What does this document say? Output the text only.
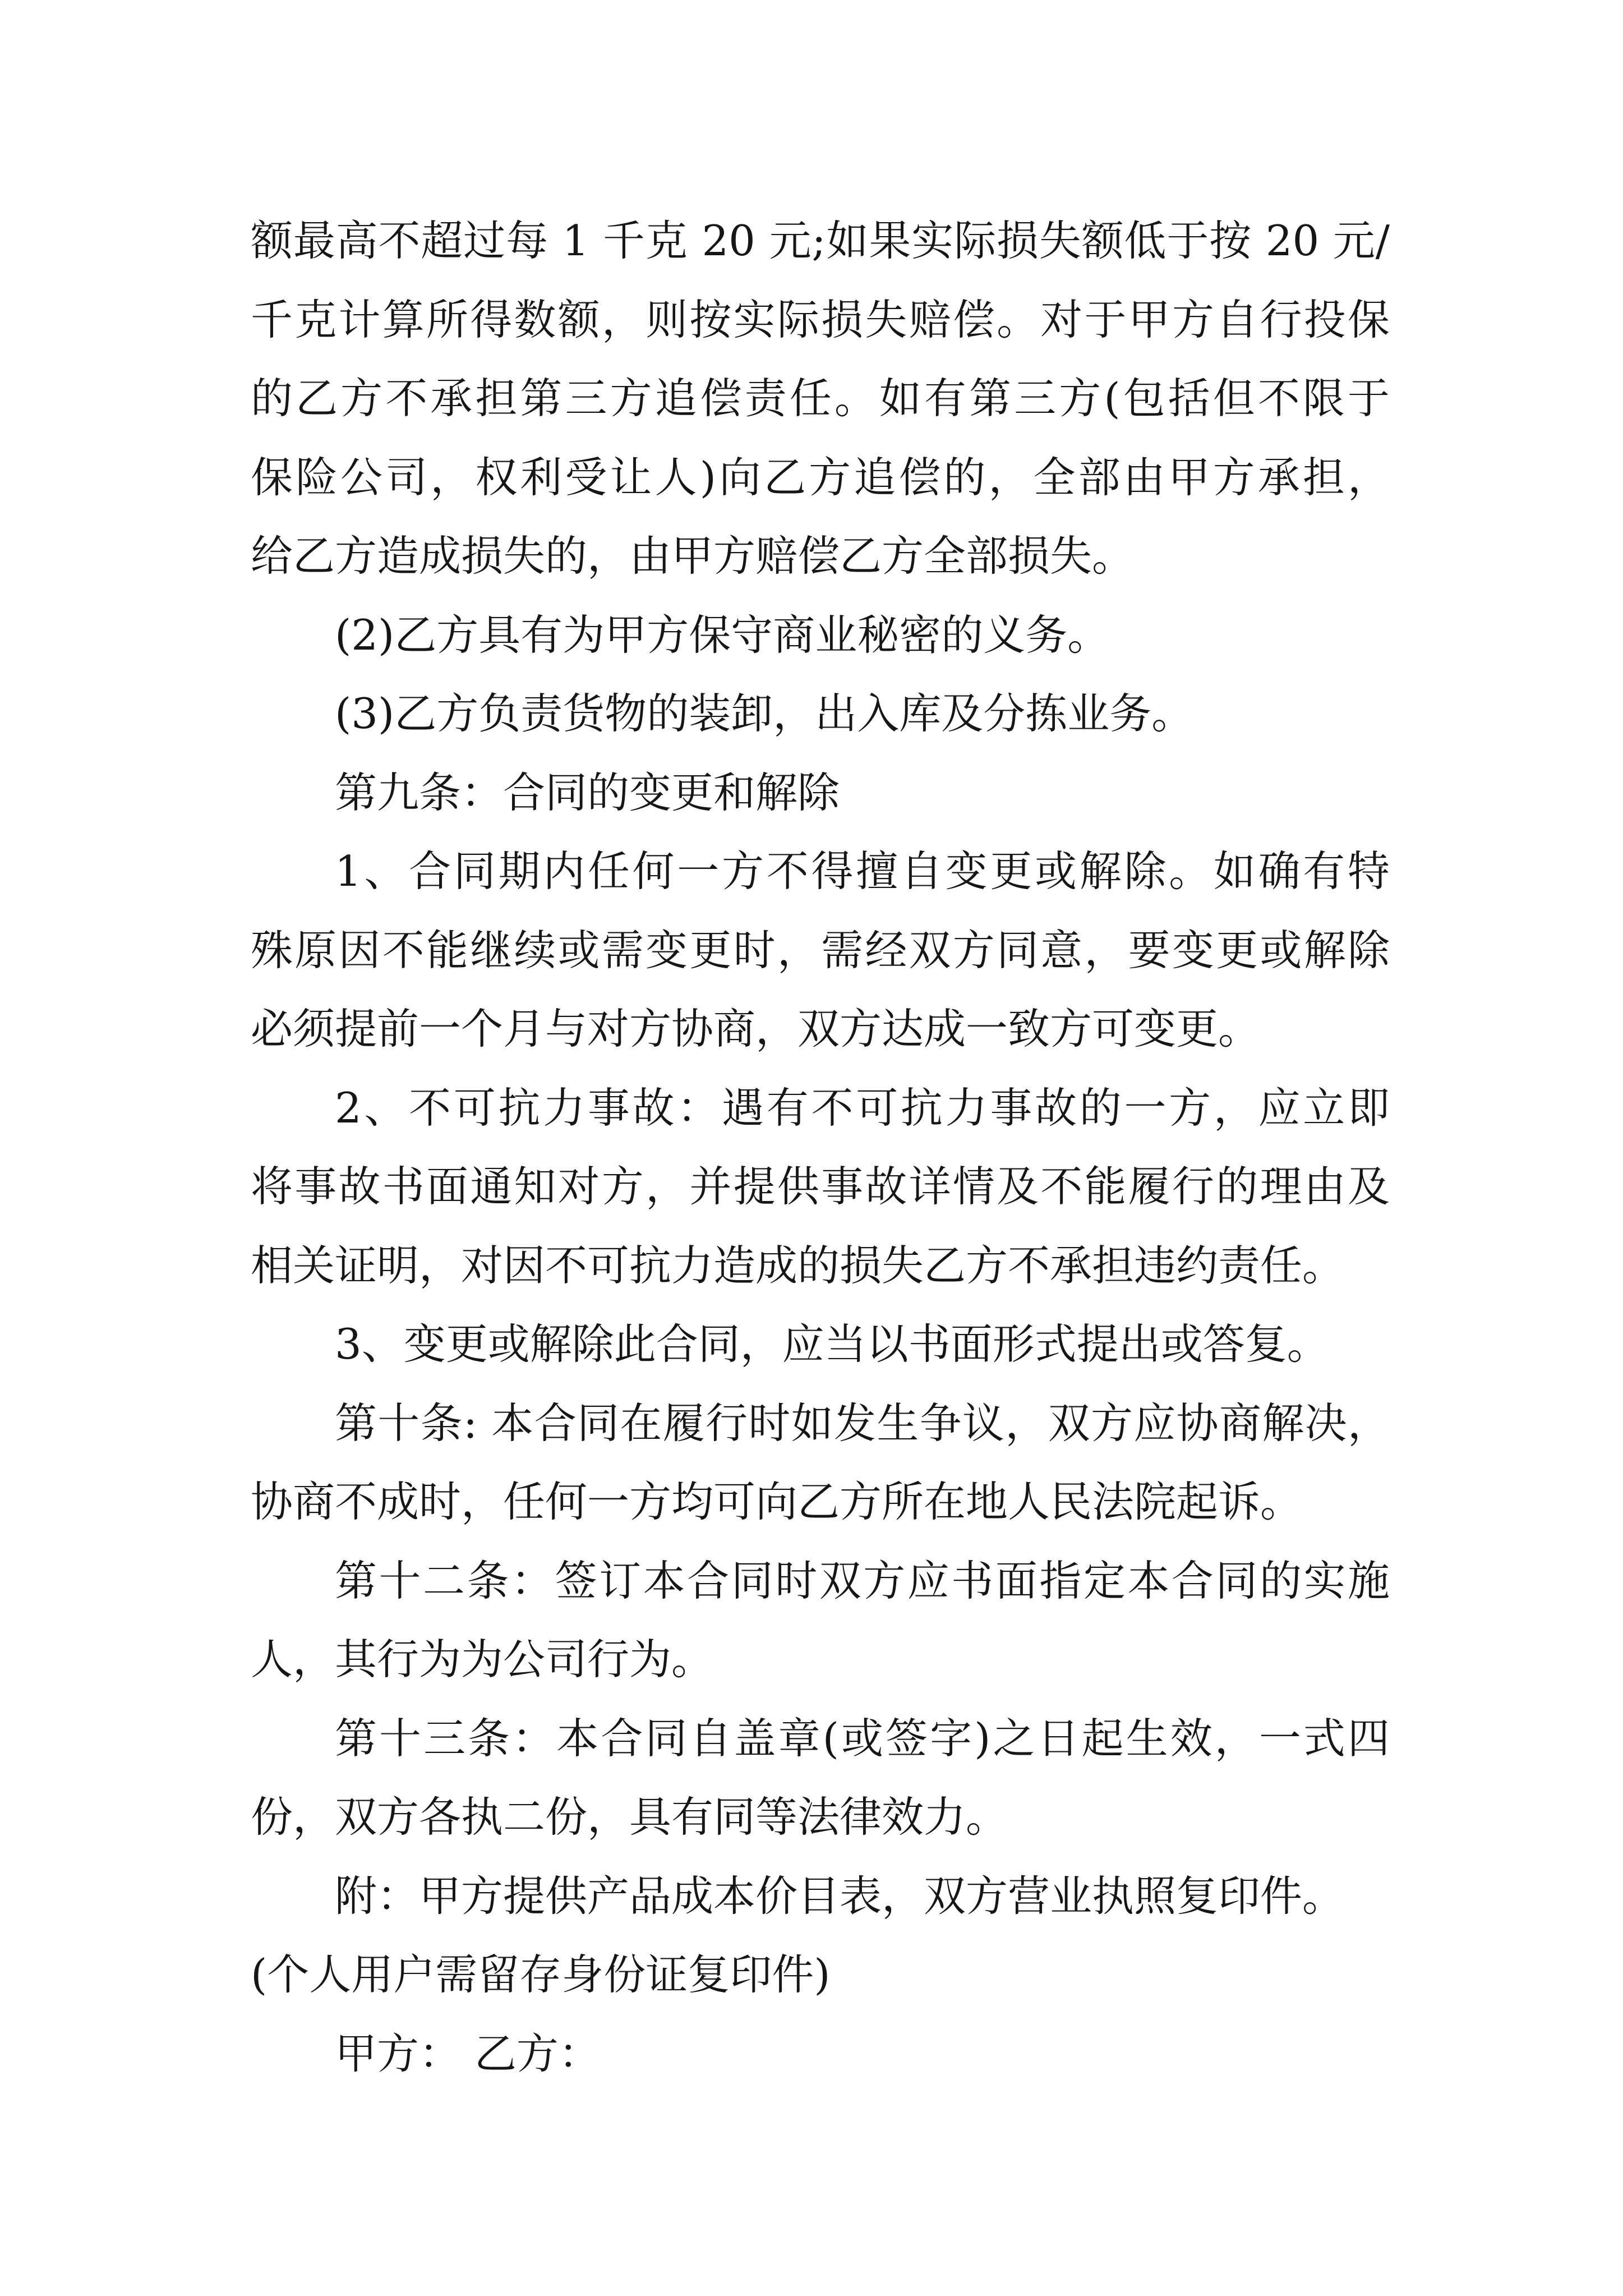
额最高不超过每 1 千克 20 元;如果实际损失额低于按 20 元/
千克计算所得数额，则按实际损失赔偿。对于甲方自行投保
的乙方不承担第三方追偿责任。如有第三方(包括但不限于
保险公司，权利受让人)向乙方追偿的，全部由甲方承担，
给乙方造成损失的，由甲方赔偿乙方全部损失。
(2)乙方具有为甲方保守商业秘密的义务。
(3)乙方负责货物的装卸，出入库及分拣业务。
第九条：合同的变更和解除
1、合同期内任何一方不得擅自变更或解除。如确有特
殊原因不能继续或需变更时，需经双方同意，要变更或解除
必须提前一个月与对方协商，双方达成一致方可变更。
2、不可抗力事故：遇有不可抗力事故的一方，应立即
将事故书面通知对方，并提供事故详情及不能履行的理由及
相关证明，对因不可抗力造成的损失乙方不承担违约责任。
3、变更或解除此合同，应当以书面形式提出或答复。
第十条: 本合同在履行时如发生争议，双方应协商解决，
协商不成时，任何一方均可向乙方所在地人民法院起诉。
第十二条：签订本合同时双方应书面指定本合同的实施
人，其行为为公司行为。
第十三条：本合同自盖章(或签字)之日起生效，一式四
份，双方各执二份，具有同等法律效力。
附：甲方提供产品成本价目表，双方营业执照复印件。
(个人用户需留存身份证复印件)
甲方： 乙方：
